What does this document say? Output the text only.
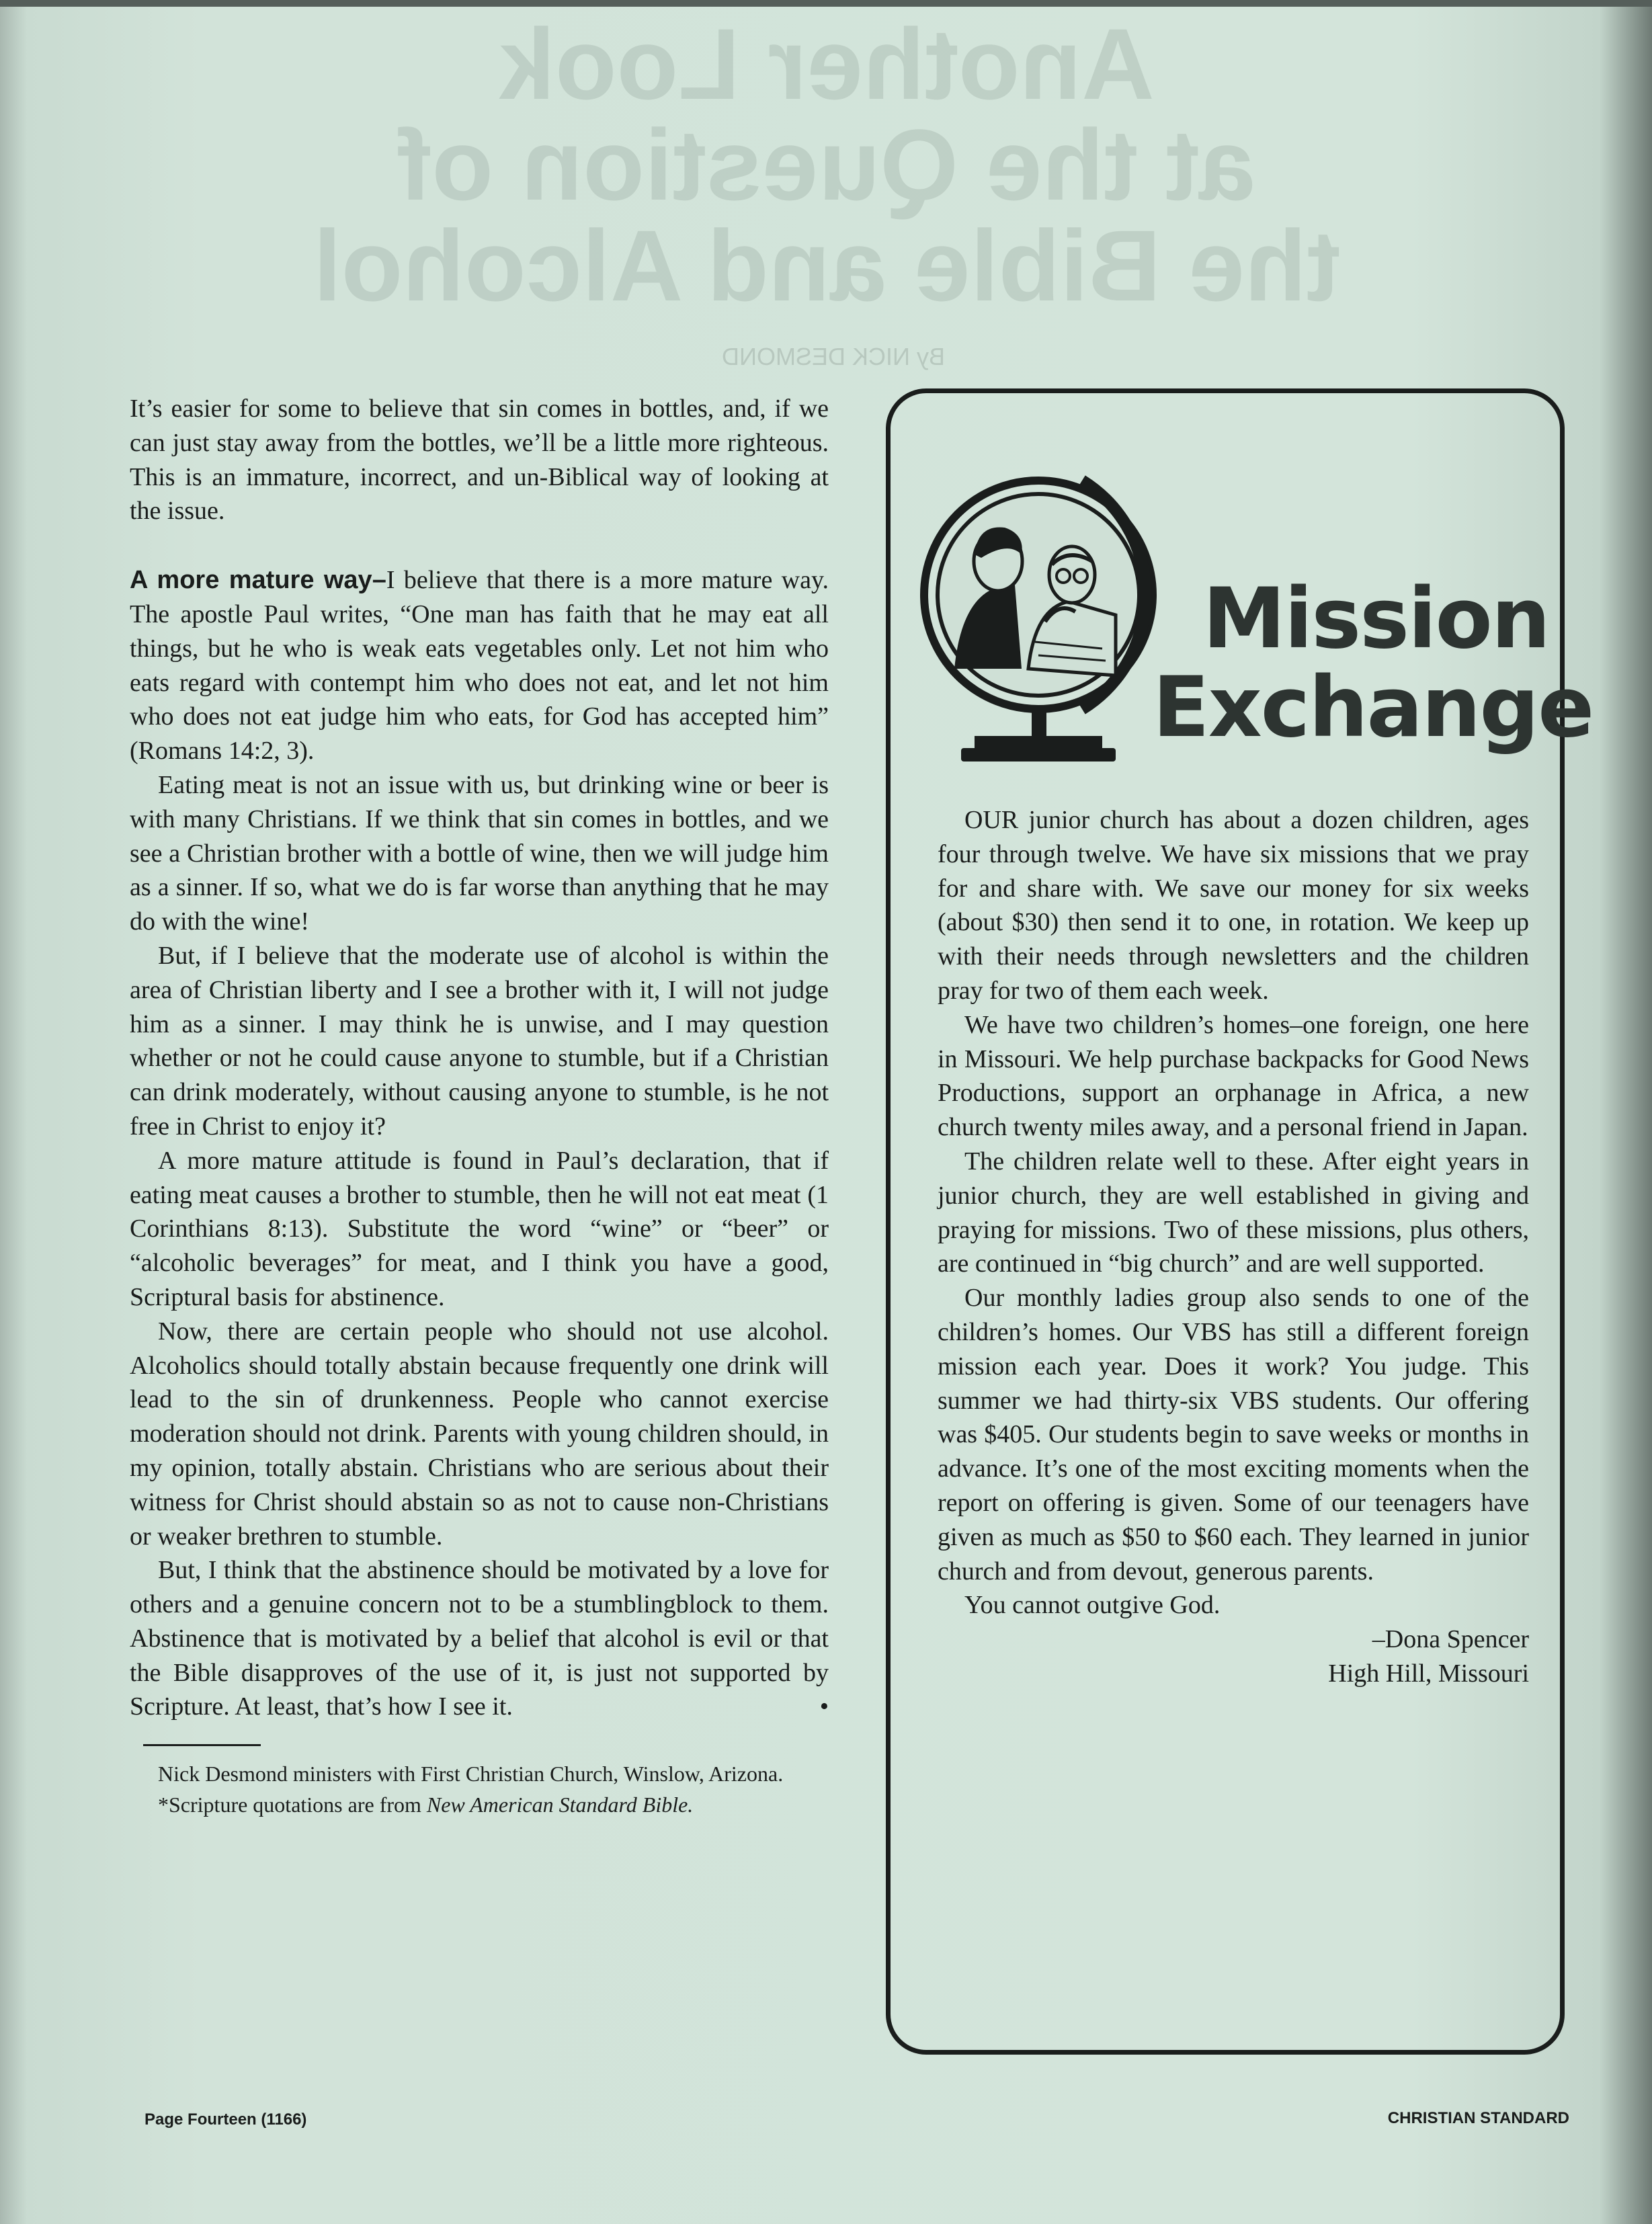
Another Look
at the Question of
the Bible and Alcohol
By NICK DESMOND

It’s easier for some to believe that sin comes in bottles, and, if we can just stay away from the bottles, we’ll be a little more righteous. This is an immature, incorrect, and un-Biblical way of looking at the issue.

A more mature way–I believe that there is a more mature way. The apostle Paul writes, “One man has faith that he may eat all things, but he who is weak eats vegetables only. Let not him who eats regard with contempt him who does not eat, and let not him who does not eat judge him who eats, for God has accepted him” (Romans 14:2, 3).

Eating meat is not an issue with us, but drinking wine or beer is with many Christians. If we think that sin comes in bottles, and we see a Christian brother with a bottle of wine, then we will judge him as a sinner. If so, what we do is far worse than anything that he may do with the wine!

But, if I believe that the moderate use of alcohol is within the area of Christian liberty and I see a brother with it, I will not judge him as a sinner. I may think he is unwise, and I may question whether or not he could cause anyone to stumble, but if a Christian can drink moderately, without causing anyone to stumble, is he not free in Christ to enjoy it?

A more mature attitude is found in Paul’s declaration, that if eating meat causes a brother to stumble, then he will not eat meat (1 Corinthians 8:13). Substitute the word “wine” or “beer” or “alcoholic beverages” for meat, and I think you have a good, Scriptural basis for abstinence.

Now, there are certain people who should not use alcohol. Alcoholics should totally abstain because frequently one drink will lead to the sin of drunkenness. People who cannot exercise moderation should not drink. Parents with young children should, in my opinion, totally abstain. Christians who are serious about their witness for Christ should abstain so as not to cause non-Christians or weaker brethren to stumble.

But, I think that the abstinence should be motivated by a love for others and a genuine concern not to be a stumblingblock to them. Abstinence that is motivated by a belief that alcohol is evil or that the Bible disapproves of the use of it, is just not supported by Scripture. At least, that’s how I see it.	•

Nick Desmond ministers with First Christian Church, Winslow, Arizona.

*Scripture quotations are from New American Standard Bible.

Mission
Exchange

OUR junior church has about a dozen children, ages four through twelve. We have six missions that we pray for and share with. We save our money for six weeks (about $30) then send it to one, in rotation. We keep up with their needs through newsletters and the children pray for two of them each week.

We have two children’s homes–one foreign, one here in Missouri. We help purchase backpacks for Good News Productions, support an orphanage in Africa, a new church twenty miles away, and a personal friend in Japan.

The children relate well to these. After eight years in junior church, they are well established in giving and praying for missions. Two of these missions, plus others, are continued in “big church” and are well supported.

Our monthly ladies group also sends to one of the children’s homes. Our VBS has still a different foreign mission each year. Does it work? You judge. This summer we had thirty-six VBS students. Our offering was $405. Our students begin to save weeks or months in advance. It’s one of the most exciting moments when the report on offering is given. Some of our teenagers have given as much as $50 to $60 each. They learned in junior church and from devout, generous parents.

You cannot outgive God.

–Dona Spencer
High Hill, Missouri
Page Fourteen (1166)	CHRISTIAN STANDARD
